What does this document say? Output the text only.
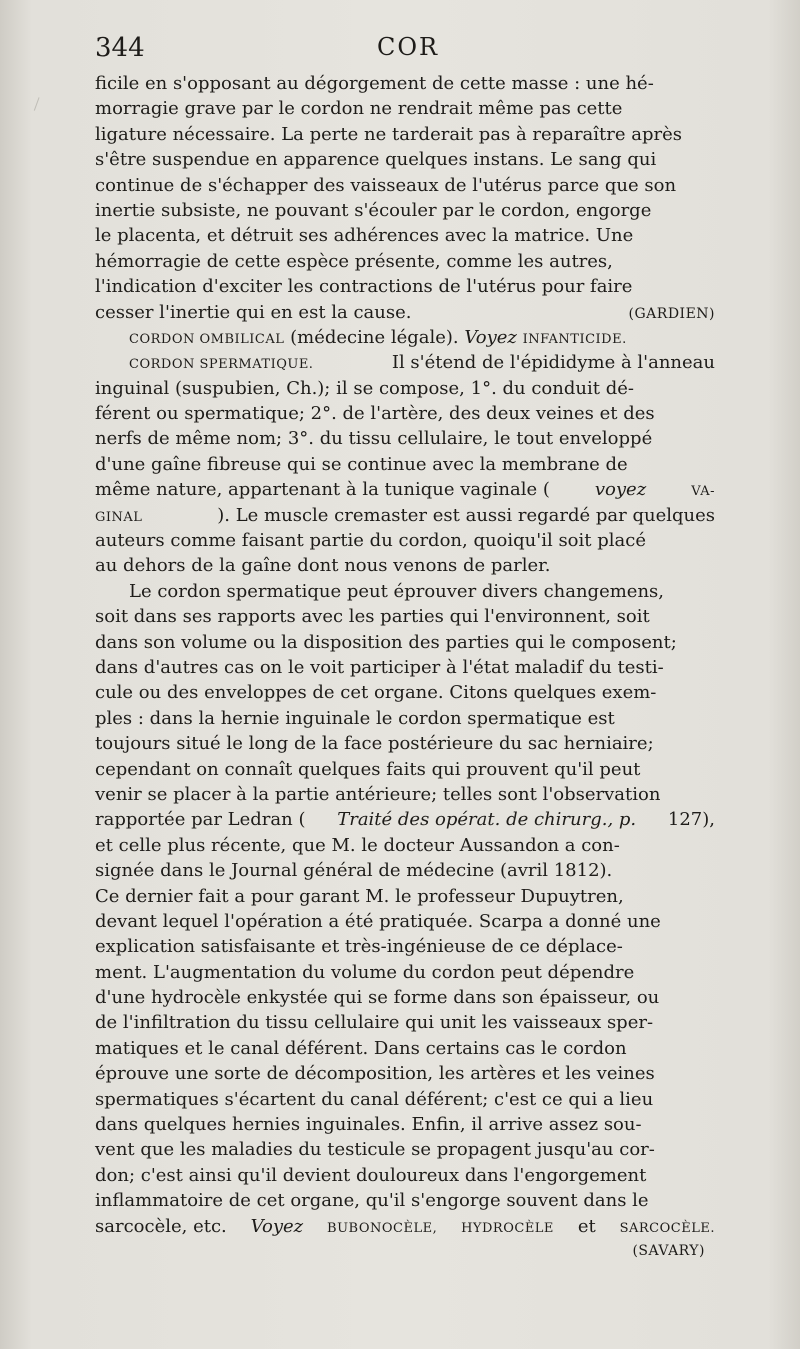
344	COR
ficile en s'opposant au dégorgement de cette masse : une hé-
morragie grave par le cordon ne rendrait même pas cette
ligature nécessaire. La perte ne tarderait pas à reparaître après
s'être suspendue en apparence quelques instans. Le sang qui
continue de s'échapper des vaisseaux de l'utérus parce que son
inertie subsiste, ne pouvant s'écouler par le cordon, engorge
le placenta, et détruit ses adhérences avec la matrice. Une
hémorragie de cette espèce présente, comme les autres,
l'indication d'exciter les contractions de l'utérus pour faire
cesser l'inertie qui en est la cause.	(GARDIEN)
CORDON OMBILICAL
(médecine légale).
Voyez
INFANTICIDE.
CORDON SPERMATIQUE.	Il s'étend de l'épididyme à l'anneau
inguinal (suspubien, Ch.); il se compose, 1°. du conduit dé-
férent ou spermatique; 2°. de l'artère, des deux veines et des
nerfs de même nom; 3°. du tissu cellulaire, le tout enveloppé
d'une gaîne fibreuse qui se continue avec la membrane de
même nature, appartenant à la tunique vaginale (	voyez	VA-
GINAL	). Le muscle cremaster est aussi regardé par quelques
auteurs comme faisant partie du cordon, quoiqu'il soit placé
au dehors de la gaîne dont nous venons de parler.
Le cordon spermatique peut éprouver divers changemens,
soit dans ses rapports avec les parties qui l'environnent, soit
dans son volume ou la disposition des parties qui le composent;
dans d'autres cas on le voit participer à l'état maladif du testi-
cule ou des enveloppes de cet organe. Citons quelques exem-
ples : dans la hernie inguinale le cordon spermatique est
toujours situé le long de la face postérieure du sac herniaire;
cependant on connaît quelques faits qui prouvent qu'il peut
venir se placer à la partie antérieure; telles sont l'observation
rapportée par Ledran ( Traité des opérat. de chirurg., p. 127),
et celle plus récente, que M. le docteur Aussandon a con-
signée dans le Journal général de médecine (avril 1812).
Ce dernier fait a pour garant M. le professeur Dupuytren,
devant lequel l'opération a été pratiquée. Scarpa a donné une
explication satisfaisante et très-ingénieuse de ce déplace-
ment. L'augmentation du volume du cordon peut dépendre
d'une hydrocèle enkystée qui se forme dans son épaisseur, ou
de l'infiltration du tissu cellulaire qui unit les vaisseaux sper-
matiques et le canal déférent. Dans certains cas le cordon
éprouve une sorte de décomposition, les artères et les veines
spermatiques s'écartent du canal déférent; c'est ce qui a lieu
dans quelques hernies inguinales. Enfin, il arrive assez sou-
vent que les maladies du testicule se propagent jusqu'au cor-
don; c'est ainsi qu'il devient douloureux dans l'engorgement
inflammatoire de cet organe, qu'il s'engorge souvent dans le
sarcocèle, etc. Voyez BUBONOCÈLE, HYDROCÈLE et SARCOCÈLE.
(SAVARY)
